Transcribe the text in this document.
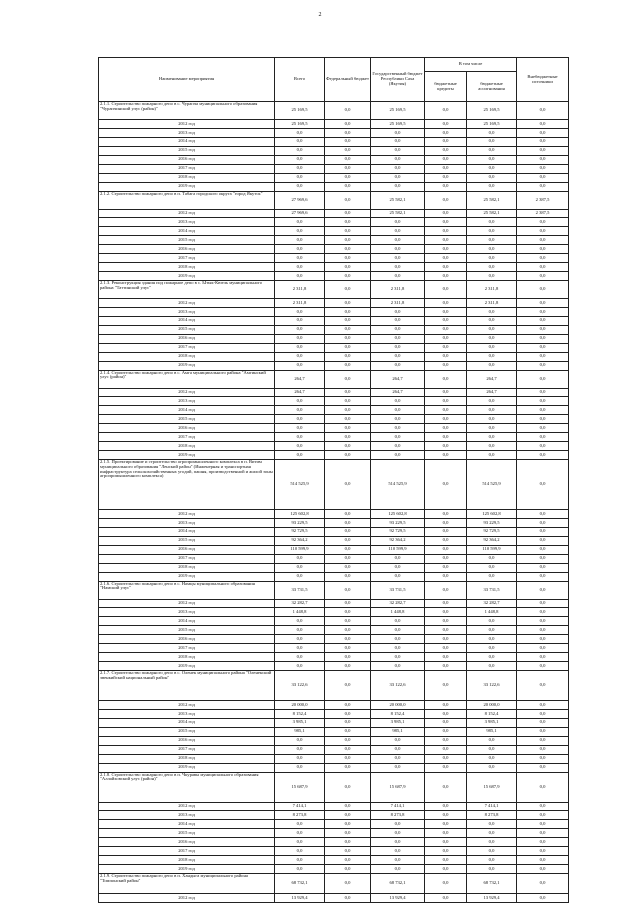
2
Наименование мероприятия	Всего	Федеральный бюджет	Государственный бюджет Республики Саха (Якутия)	В том числе		Внебюджетные источники
				бюджетные кредиты	бюджетные ассигнования	
2.1.1. Строительство пожарного депо в с. Чурапча муниципального образования "Чурапчинский улус (район)"	25 169,5	0,0	25 169,5	0,0	25 169,5	0,0
2012 год	25 169,5	0,0	25 169,5	0,0	25 169,5	0,0
2013 год	0,0	0,0	0,0	0,0	0,0	0,0
2014 год	0,0	0,0	0,0	0,0	0,0	0,0
2015 год	0,0	0,0	0,0	0,0	0,0	0,0
2016 год	0,0	0,0	0,0	0,0	0,0	0,0
2017 год	0,0	0,0	0,0	0,0	0,0	0,0
2018 год	0,0	0,0	0,0	0,0	0,0	0,0
2019 год	0,0	0,0	0,0	0,0	0,0	0,0
2.1.2. Строительство пожарного депо в п. Табага городского округа "город Якутск"	27 969,6	0,0	25 582,1	0,0	25 582,1	2 387,5
2012 год	27 969,6	0,0	25 582,1	0,0	25 582,1	2 387,5
2013 год	0,0	0,0	0,0	0,0	0,0	0,0
2014 год	0,0	0,0	0,0	0,0	0,0	0,0
2015 год	0,0	0,0	0,0	0,0	0,0	0,0
2016 год	0,0	0,0	0,0	0,0	0,0	0,0
2017 год	0,0	0,0	0,0	0,0	0,0	0,0
2018 год	0,0	0,0	0,0	0,0	0,0	0,0
2019 год	0,0	0,0	0,0	0,0	0,0	0,0
2.1.3. Реконструкция здания под пожарное депо в с. Ытык-Кюель муниципального района "Таттинский улус"	2 311,8	0,0	2 311,8	0,0	2 311,8	0,0
2012 год	2 311,8	0,0	2 311,8	0,0	2 311,8	0,0
2013 год	0,0	0,0	0,0	0,0	0,0	0,0
2014 год	0,0	0,0	0,0	0,0	0,0	0,0
2015 год	0,0	0,0	0,0	0,0	0,0	0,0
2016 год	0,0	0,0	0,0	0,0	0,0	0,0
2017 год	0,0	0,0	0,0	0,0	0,0	0,0
2018 год	0,0	0,0	0,0	0,0	0,0	0,0
2019 год	0,0	0,0	0,0	0,0	0,0	0,0
2.1.4. Строительство пожарного депо в с. Амга муниципального района "Амгинский улус (район)"	264,7	0,0	264,7	0,0	264,7	0,0
2012 год	264,7	0,0	264,7	0,0	264,7	0,0
2013 год	0,0	0,0	0,0	0,0	0,0	0,0
2014 год	0,0	0,0	0,0	0,0	0,0	0,0
2015 год	0,0	0,0	0,0	0,0	0,0	0,0
2016 год	0,0	0,0	0,0	0,0	0,0	0,0
2017 год	0,0	0,0	0,0	0,0	0,0	0,0
2018 год	0,0	0,0	0,0	0,0	0,0	0,0
2019 год	0,0	0,0	0,0	0,0	0,0	0,0
2.1.5. Проектирование и строительство агропромышленного комплекса в п. Витим муниципального образования "Ленский район" (Инженерная и транспортная инфраструктура сельскохозяйственных угодий, пашня, производственной и жилой зоны агропромышленного комплекса)	514 525,9	0,0	514 525,9	0,0	514 525,9	0,0
2012 год	125 602,8	0,0	125 602,8	0,0	125 602,8	0,0
2013 год	93 229,5	0,0	93 229,5	0,0	93 229,5	0,0
2014 год	92 729,5	0,0	92 729,5	0,0	92 729,5	0,0
2015 год	92 364,2	0,0	92 364,2	0,0	92 364,2	0,0
2016 год	110 599,9	0,0	110 599,9	0,0	110 599,9	0,0
2017 год	0,0	0,0	0,0	0,0	0,0	0,0
2018 год	0,0	0,0	0,0	0,0	0,0	0,0
2019 год	0,0	0,0	0,0	0,0	0,0	0,0
2.1.6. Строительство пожарного депо в с. Намцы муниципального образования "Намский улус"	33 731,5	0,0	33 731,5	0,0	33 731,5	0,0
2012 год	32 282,7	0,0	32 282,7	0,0	32 282,7	0,0
2013 год	1 448,8	0,0	1 448,8	0,0	1 448,8	0,0
2014 год	0,0	0,0	0,0	0,0	0,0	0,0
2015 год	0,0	0,0	0,0	0,0	0,0	0,0
2016 год	0,0	0,0	0,0	0,0	0,0	0,0
2017 год	0,0	0,0	0,0	0,0	0,0	0,0
2018 год	0,0	0,0	0,0	0,0	0,0	0,0
2019 год	0,0	0,0	0,0	0,0	0,0	0,0
2.1.7. Строительство пожарного депо в с. Оленек муниципального района "Оленекский эвенкийский национальный район"	33 122,6	0,0	33 122,6	0,0	33 122,6	0,0
2012 год	20 000,0	0,0	20 000,0	0,0	20 000,0	0,0
2013 год	8 152,4	0,0	8 152,4	0,0	8 152,4	0,0
2014 год	3 985,1	0,0	3 985,1	0,0	3 985,1	0,0
2015 год	985,1	0,0	985,1	0,0	985,1	0,0
2016 год	0,0	0,0	0,0	0,0	0,0	0,0
2017 год	0,0	0,0	0,0	0,0	0,0	0,0
2018 год	0,0	0,0	0,0	0,0	0,0	0,0
2019 год	0,0	0,0	0,0	0,0	0,0	0,0
2.1.8. Строительство пожарного депо в п. Чкуравы муниципального образования "Аллайховский улус (район)"	15 687,9	0,0	15 687,9	0,0	15 687,9	0,0
2012 год	7 414,1	0,0	7 414,1	0,0	7 414,1	0,0
2013 год	8 273,8	0,0	8 273,8	0,0	8 273,8	0,0
2014 год	0,0	0,0	0,0	0,0	0,0	0,0
2015 год	0,0	0,0	0,0	0,0	0,0	0,0
2016 год	0,0	0,0	0,0	0,0	0,0	0,0
2017 год	0,0	0,0	0,0	0,0	0,0	0,0
2018 год	0,0	0,0	0,0	0,0	0,0	0,0
2019 год	0,0	0,0	0,0	0,0	0,0	0,0
2.1.9. Строительство пожарного депо в п. Хандыга муниципального района "Томпонский район"	68 732,1	0,0	68 732,1	0,0	68 732,1	0,0
2012 год	13 929,4	0,0	13 929,4	0,0	13 929,4	0,0
